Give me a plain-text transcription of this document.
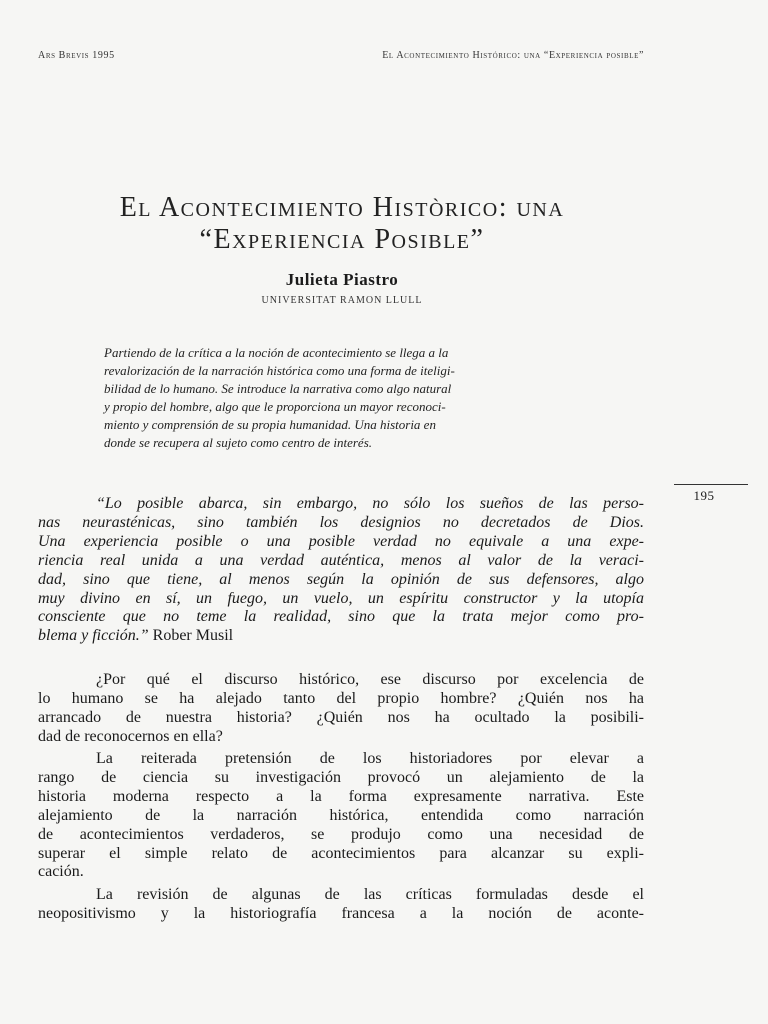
Ars Brevis 1995	El Acontecimiento Histórico: una “Experiencia posible”
El Acontecimiento Històrico: una
“Experiencia Posible”
Julieta Piastro
UNIVERSITAT RAMON LLULL
Partiendo de la crítica a la noción de acontecimiento se llega a la
revalorización de la narración histórica como una forma de iteligi-
bilidad de lo humano. Se introduce la narrativa como algo natural
y propio del hombre, algo que le proporciona un mayor reconoci-
miento y comprensión de su propia humanidad. Una historia en
donde se recupera al sujeto como centro de interés.
195
“Lo posible abarca, sin embargo, no sólo los sueños de las perso-
nas neurasténicas, sino también los designios no decretados de Dios.
Una experiencia posible o una posible verdad no equivale a una expe-
riencia real unida a una verdad auténtica, menos al valor de la veraci-
dad, sino que tiene, al menos según la opinión de sus defensores, algo
muy divino en sí, un fuego, un vuelo, un espíritu constructor y la utopía
consciente que no teme la realidad, sino que la trata mejor como pro-
blema y ficción.” Rober Musil
¿Por qué el discurso histórico, ese discurso por excelencia de
lo humano se ha alejado tanto del propio hombre? ¿Quién nos ha
arrancado de nuestra historia? ¿Quién nos ha ocultado la posibili-
dad de reconocernos en ella?
La reiterada pretensión de los historiadores por elevar a
rango de ciencia su investigación provocó un alejamiento de la
historia moderna respecto a la forma expresamente narrativa. Este
alejamiento de la narración histórica, entendida como narración
de acontecimientos verdaderos, se produjo como una necesidad de
superar el simple relato de acontecimientos para alcanzar su expli-
cación.
La revisión de algunas de las críticas formuladas desde el
neopositivismo y la historiografía francesa a la noción de aconte-
